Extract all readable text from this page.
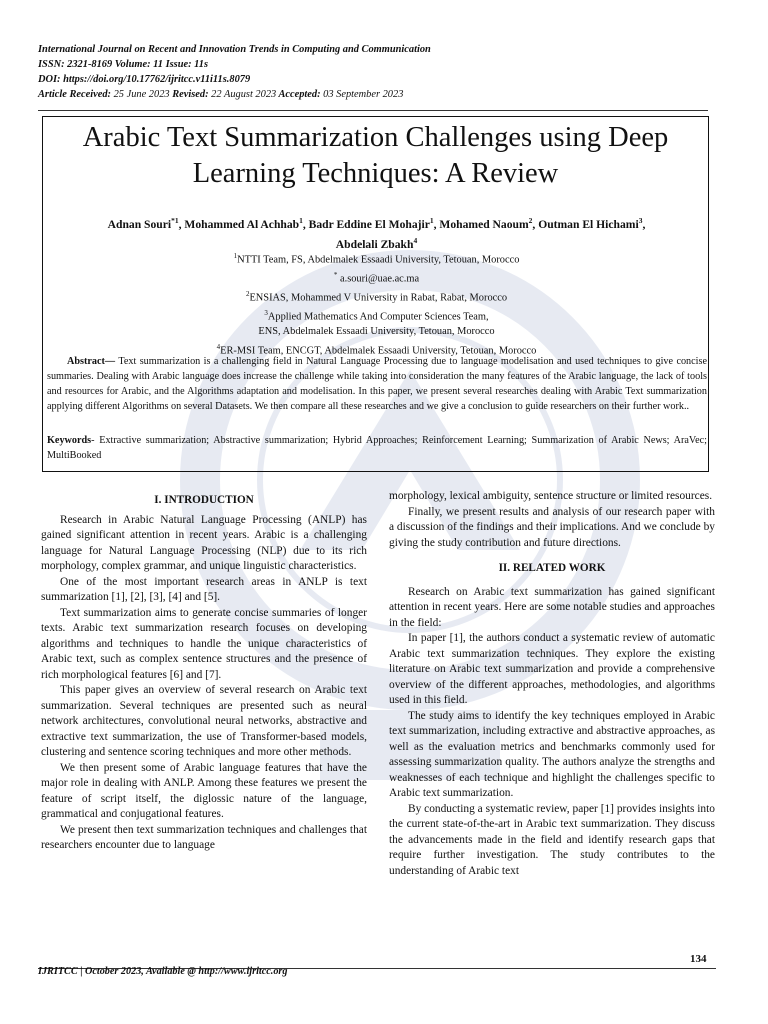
International Journal on Recent and Innovation Trends in Computing and Communication
ISSN: 2321-8169 Volume: 11 Issue: 11s
DOI: https://doi.org/10.17762/ijritcc.v11i11s.8079
Article Received: 25 June 2023 Revised: 22 August 2023 Accepted: 03 September 2023
Arabic Text Summarization Challenges using Deep
Learning Techniques: A Review
Adnan Souri$^{*1}$, Mohammed Al Achhab$^1$, Badr Eddine El Mohajir$^1$, Mohamed Naoum$^2$, Outman El Hichami$^3$,
Abdelali Zbakh$^4$
$^1$NTTI Team, FS, Abdelmalek Essaadi University, Tetouan, Morocco
* a.souri@uae.ac.ma
$^2$ENSIAS, Mohammed V University in Rabat, Rabat, Morocco
$^3$Applied Mathematics And Computer Sciences Team,
ENS, Abdelmalek Essaadi University, Tetouan, Morocco
$^4$ER-MSI Team, ENCGT, Abdelmalek Essaadi University, Tetouan, Morocco
Abstract— Text summarization is a challenging field in Natural Language Processing due to language modelisation and used techniques to give concise summaries. Dealing with Arabic language does increase the challenge while taking into consideration the many features of the Arabic language, the lack of tools and resources for Arabic, and the Algorithms adaptation and modelisation. In this paper, we present several researches dealing with Arabic Text summarization applying different Algorithms on several Datasets. We then compare all these researches and we give a conclusion to guide researchers on their further work..
Keywords- Extractive summarization; Abstractive summarization; Hybrid Approaches; Reinforcement Learning; Summarization of Arabic News; AraVec; MultiBooked
I. INTRODUCTION

Research in Arabic Natural Language Processing (ANLP) has gained significant attention in recent years. Arabic is a challenging language for Natural Language Processing (NLP) due to its rich morphology, complex grammar, and unique linguistic characteristics.

One of the most important research areas in ANLP is text summarization [1], [2], [3], [4] and [5].

Text summarization aims to generate concise summaries of longer texts. Arabic text summarization research focuses on developing algorithms and techniques to handle the unique characteristics of Arabic text, such as complex sentence structures and the presence of rich morphological features [6] and [7].

This paper gives an overview of several research on Arabic text summarization. Several techniques are presented such as neural network architectures, convolutional neural networks, abstractive and extractive text summarization, the use of Transformer-based models, clustering and sentence scoring techniques and more other methods.

We then present some of Arabic language features that have the major role in dealing with ANLP. Among these features we present the feature of script itself, the diglossic nature of the language, grammatical and conjugational features.

We present then text summarization techniques and challenges that researchers encounter due to language

morphology, lexical ambiguity, sentence structure or limited resources.

Finally, we present results and analysis of our research paper with a discussion of the findings and their implications. And we conclude by giving the study contribution and future directions.

II. RELATED WORK

Research on Arabic text summarization has gained significant attention in recent years. Here are some notable studies and approaches in the field:

In paper [1], the authors conduct a systematic review of automatic Arabic text summarization techniques. They explore the existing literature on Arabic text summarization and provide a comprehensive overview of the different approaches, methodologies, and algorithms used in this field.

The study aims to identify the key techniques employed in Arabic text summarization, including extractive and abstractive approaches, as well as the evaluation metrics and benchmarks commonly used for assessing summarization quality. The authors analyze the strengths and weaknesses of each technique and highlight the challenges specific to Arabic text summarization.

By conducting a systematic review, paper [1] provides insights into the current state-of-the-art in Arabic text summarization. They discuss the advancements made in the field and identify research gaps that require further investigation. The study contributes to the understanding of Arabic text

134
IJRITCC | October 2023, Available @ http://www.ijritcc.org
